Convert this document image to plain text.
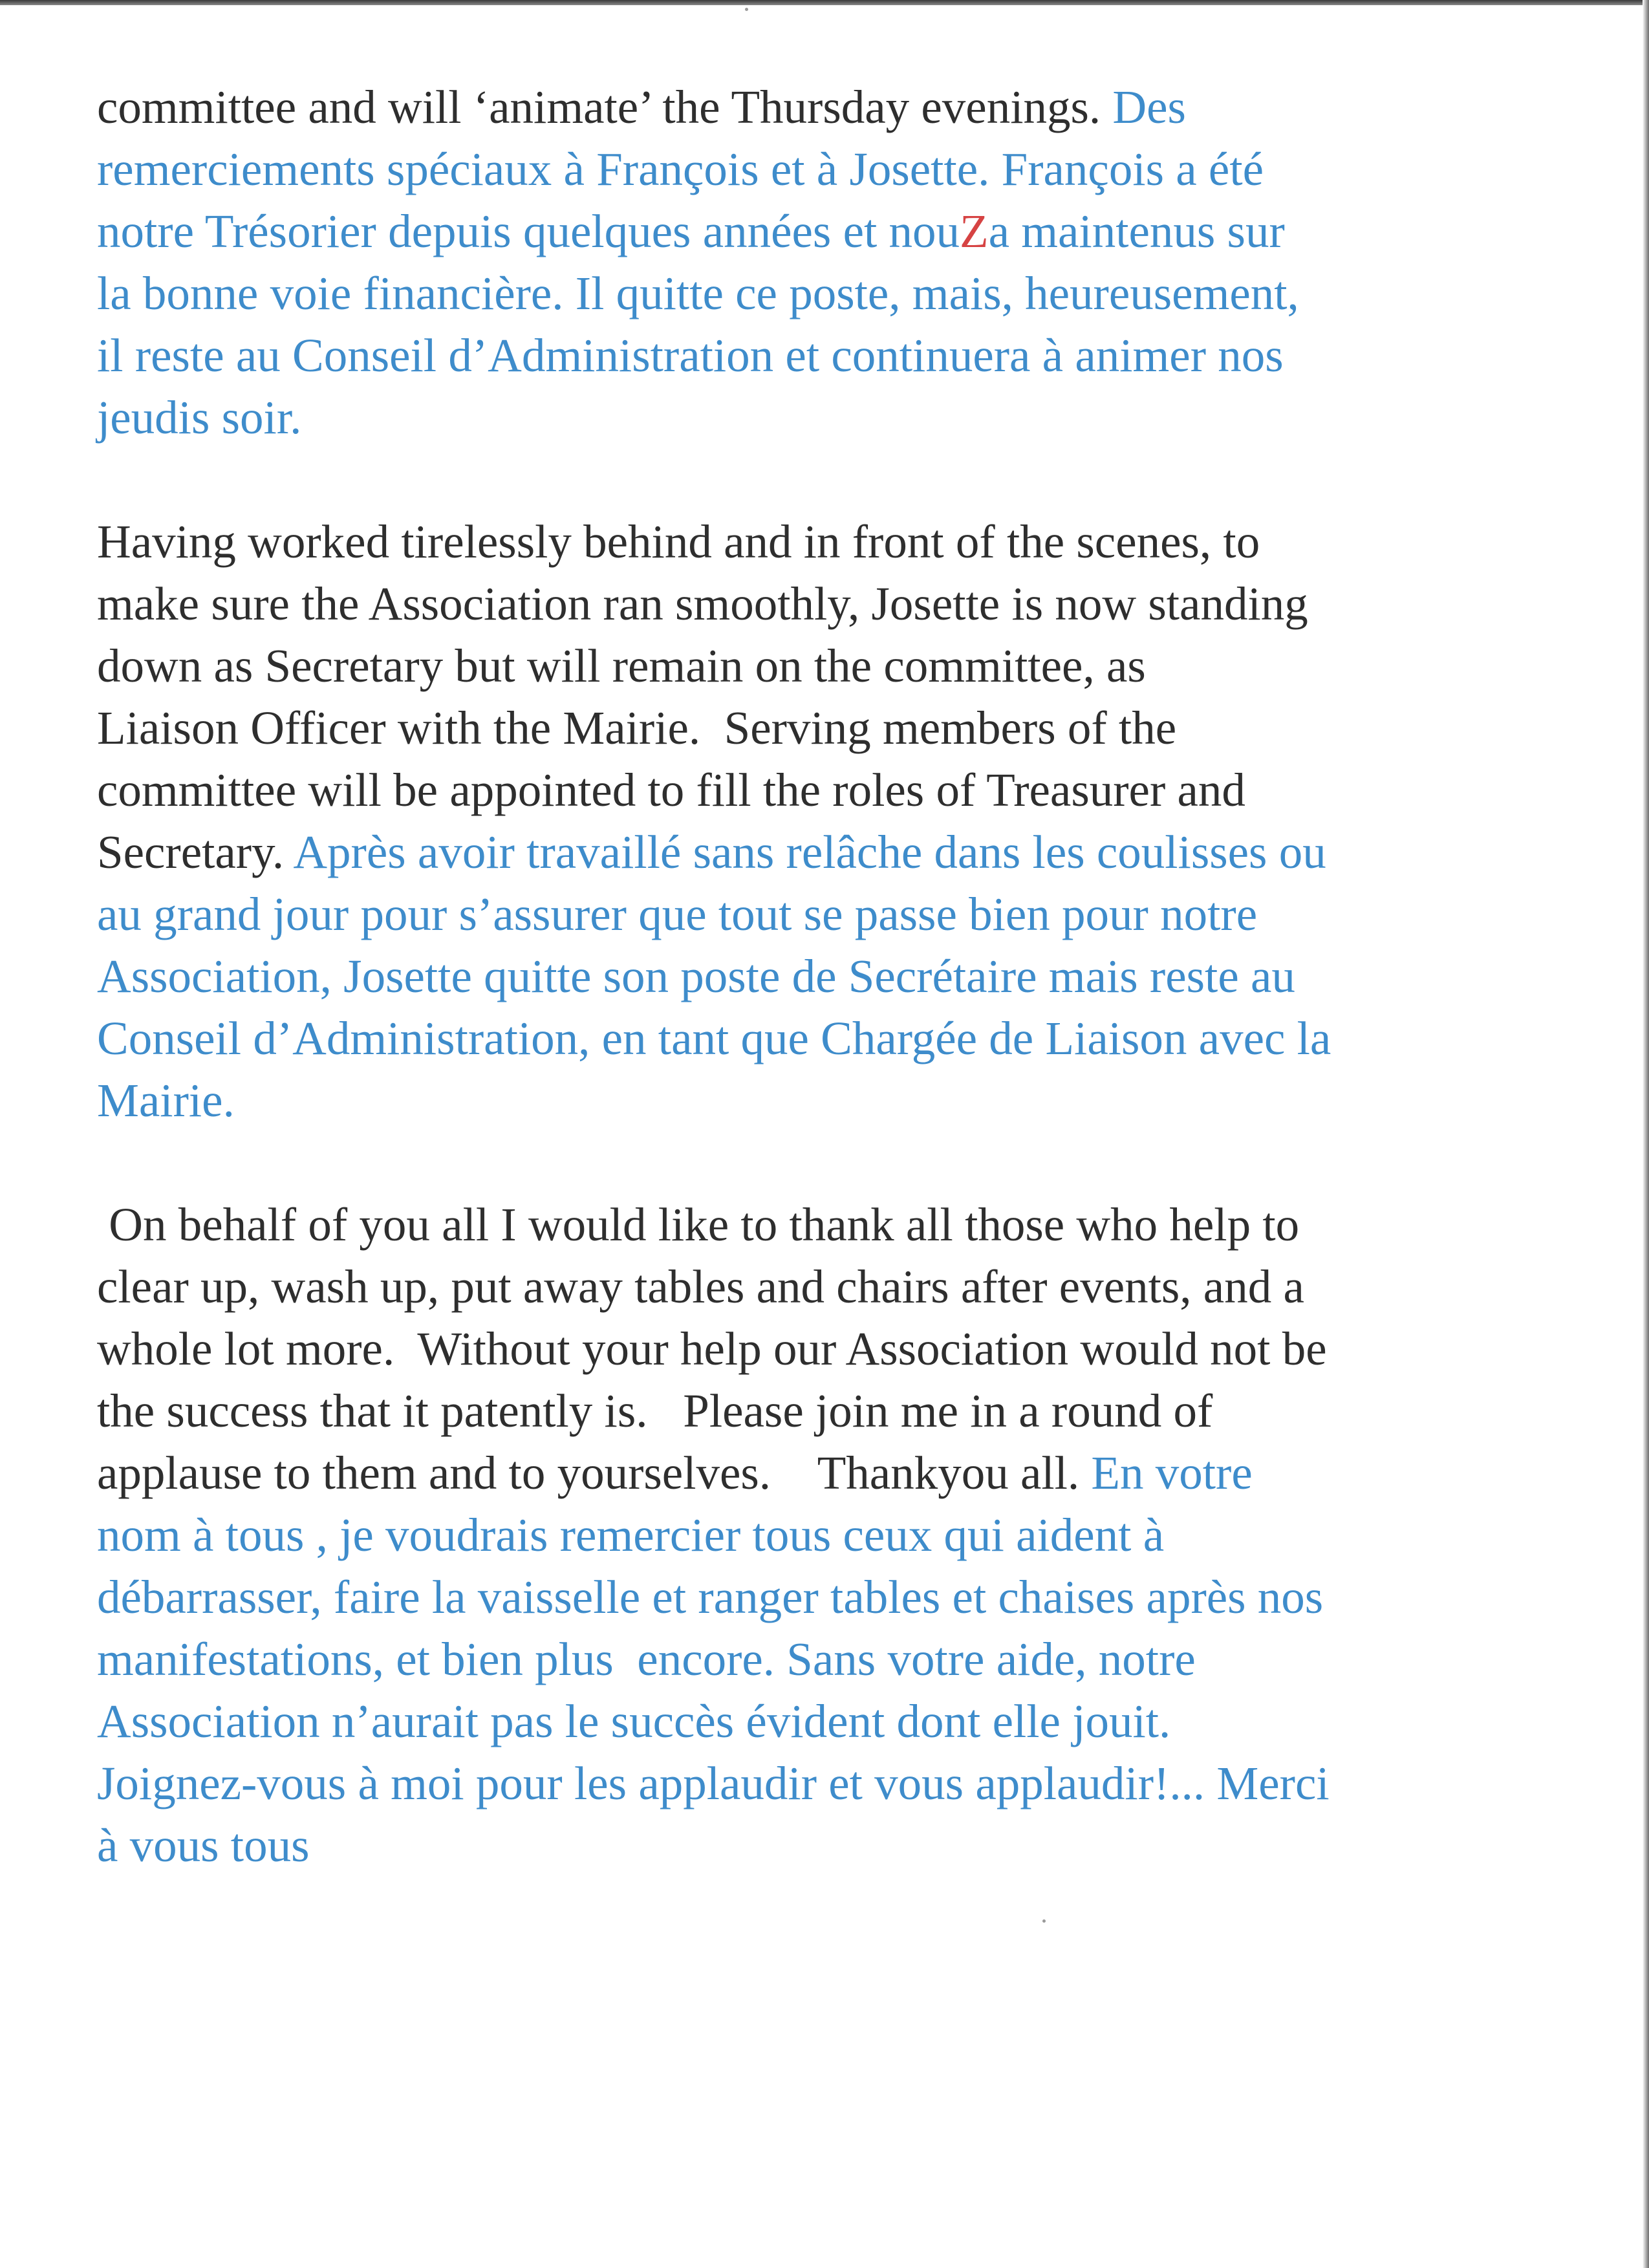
committee and will ‘animate’ the Thursday evenings. Des
remerciements spéciaux à François et à Josette. François a été
notre Trésorier depuis quelques années et nouZa maintenus sur
la bonne voie financière. Il quitte ce poste, mais, heureusement,
il reste au Conseil d’Administration et continuera à animer nos
jeudis soir.

Having worked tirelessly behind and in front of the scenes, to
make sure the Association ran smoothly, Josette is now standing
down as Secretary but will remain on the committee, as
Liaison Officer with the Mairie.  Serving members of the
committee will be appointed to fill the roles of Treasurer and
Secretary. Après avoir travaillé sans relâche dans les coulisses ou
au grand jour pour s’assurer que tout se passe bien pour notre
Association, Josette quitte son poste de Secrétaire mais reste au
Conseil d’Administration, en tant que Chargée de Liaison avec la
Mairie.

On behalf of you all I would like to thank all those who help to
clear up, wash up, put away tables and chairs after events, and a
whole lot more.  Without your help our Association would not be
the success that it patently is.   Please join me in a round of
applause to them and to yourselves.    Thankyou all. En votre
nom à tous , je voudrais remercier tous ceux qui aident à
débarrasser, faire la vaisselle et ranger tables et chaises après nos
manifestations, et bien plus  encore. Sans votre aide, notre
Association n’aurait pas le succès évident dont elle jouit.
Joignez-vous à moi pour les applaudir et vous applaudir!... Merci
à vous tous
